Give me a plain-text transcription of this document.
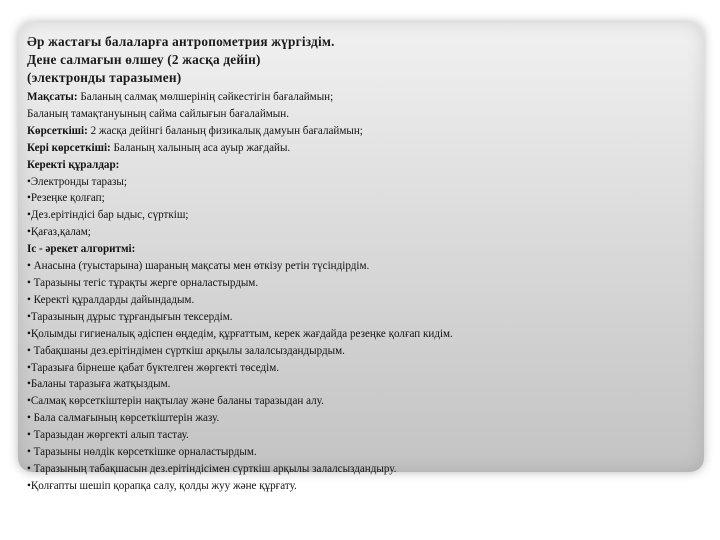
Әр жастағы балаларға антропометрия жүргіздім.
Дене салмағын өлшеу (2 жасқа дейін)
(электронды таразымен)
Мақсаты: Баланың салмақ мөлшерінің сәйкестігін бағалаймын;
Баланың тамақтануының сайма сайлығын бағалаймын.
Көрсеткіші: 2 жасқа дейінгі баланың физикалық дамуын бағалаймын;
Кері көрсеткіші: Баланың халының аса ауыр жағдайы.
Керекті құралдар:
•Электронды таразы;
•Резеңке қолғап;
•Дез.ерітіндісі бар ыдыс, сүрткіш;
•Қағаз,қалам;
Іс - әрекет алгоритмі:
• Анасына (туыстарына) шараның мақсаты мен өткізу ретін түсіндірдім.
• Таразыны тегіс тұрақты жерге орналастырдым.
• Керекті құралдарды дайындадым.
•Таразының дұрыс тұрғандығын тексердім.
•Қолымды гигиеналық әдіспен өңдедім, құрғаттым, керек жағдайда резеңке қолғап кидім.
• Табақшаны дез.ерітіндімен сүрткіш арқылы залалсыздандырдым.
•Таразыға бірнеше қабат бүктелген жөргекті төседім.
•Баланы таразыға жатқыздым.
•Салмақ көрсеткіштерін нақтылау және баланы таразыдан алу.
• Бала салмағының көрсеткіштерін жазу.
• Таразыдан жөргекті алып тастау.
• Таразыны нөлдік көрсеткішке орналастырдым.
• Таразының табақшасын дез.ерітіндісімен сүрткіш арқылы залалсыздандыру.
•Қолғапты шешіп қорапқа салу, қолды жуу және құрғату.
